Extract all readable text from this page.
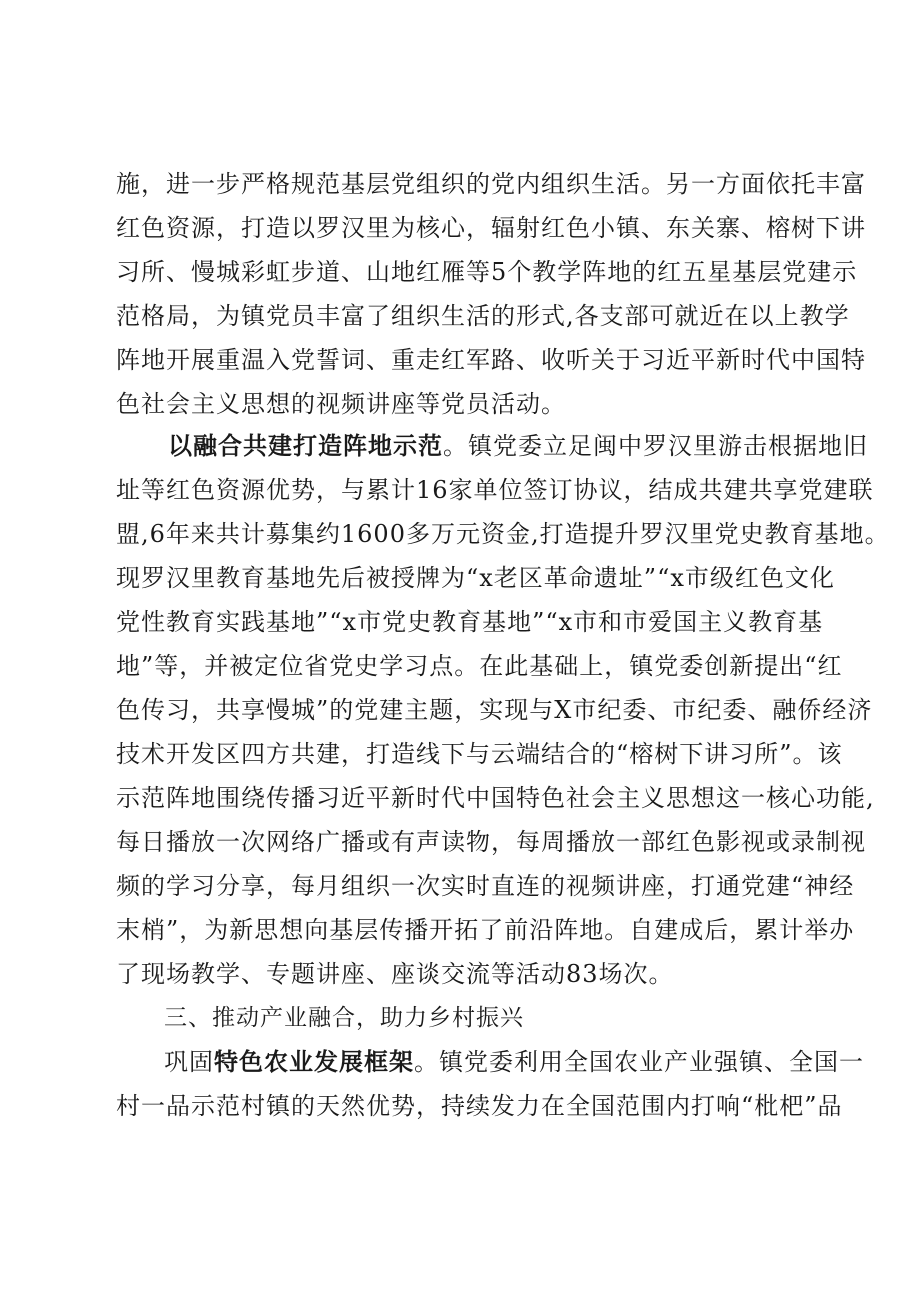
施，进一步严格规范基层党组织的党内组织生活。另一方面依托丰富
红色资源，打造以罗汉里为核心，辐射红色小镇、东关寨、榕树下讲
习所、慢城彩虹步道、山地红雁等5个教学阵地的红五星基层党建示
范格局，为镇党员丰富了组织生活的形式,各支部可就近在以上教学
阵地开展重温入党誓词、重走红军路、收听关于习近平新时代中国特
色社会主义思想的视频讲座等党员活动。
以融合共建打造阵地示范。镇党委立足闽中罗汉里游击根据地旧
址等红色资源优势，与累计16家单位签订协议，结成共建共享党建联
盟,6年来共计募集约1600多万元资金,打造提升罗汉里党史教育基地。
现罗汉里教育基地先后被授牌为“x老区革命遗址”“x市级红色文化
党性教育实践基地”“x市党史教育基地”“x市和市爱国主义教育基
地”等，并被定位省党史学习点。在此基础上，镇党委创新提出“红
色传习，共享慢城”的党建主题，实现与X市纪委、市纪委、融侨经济
技术开发区四方共建，打造线下与云端结合的“榕树下讲习所”。该
示范阵地围绕传播习近平新时代中国特色社会主义思想这一核心功能,
每日播放一次网络广播或有声读物，每周播放一部红色影视或录制视
频的学习分享，每月组织一次实时直连的视频讲座，打通党建“神经
末梢”，为新思想向基层传播开拓了前沿阵地。自建成后，累计举办
了现场教学、专题讲座、座谈交流等活动83场次。
三、推动产业融合，助力乡村振兴
巩固特色农业发展框架。镇党委利用全国农业产业强镇、全国一
村一品示范村镇的天然优势，持续发力在全国范围内打响“枇杷”品
